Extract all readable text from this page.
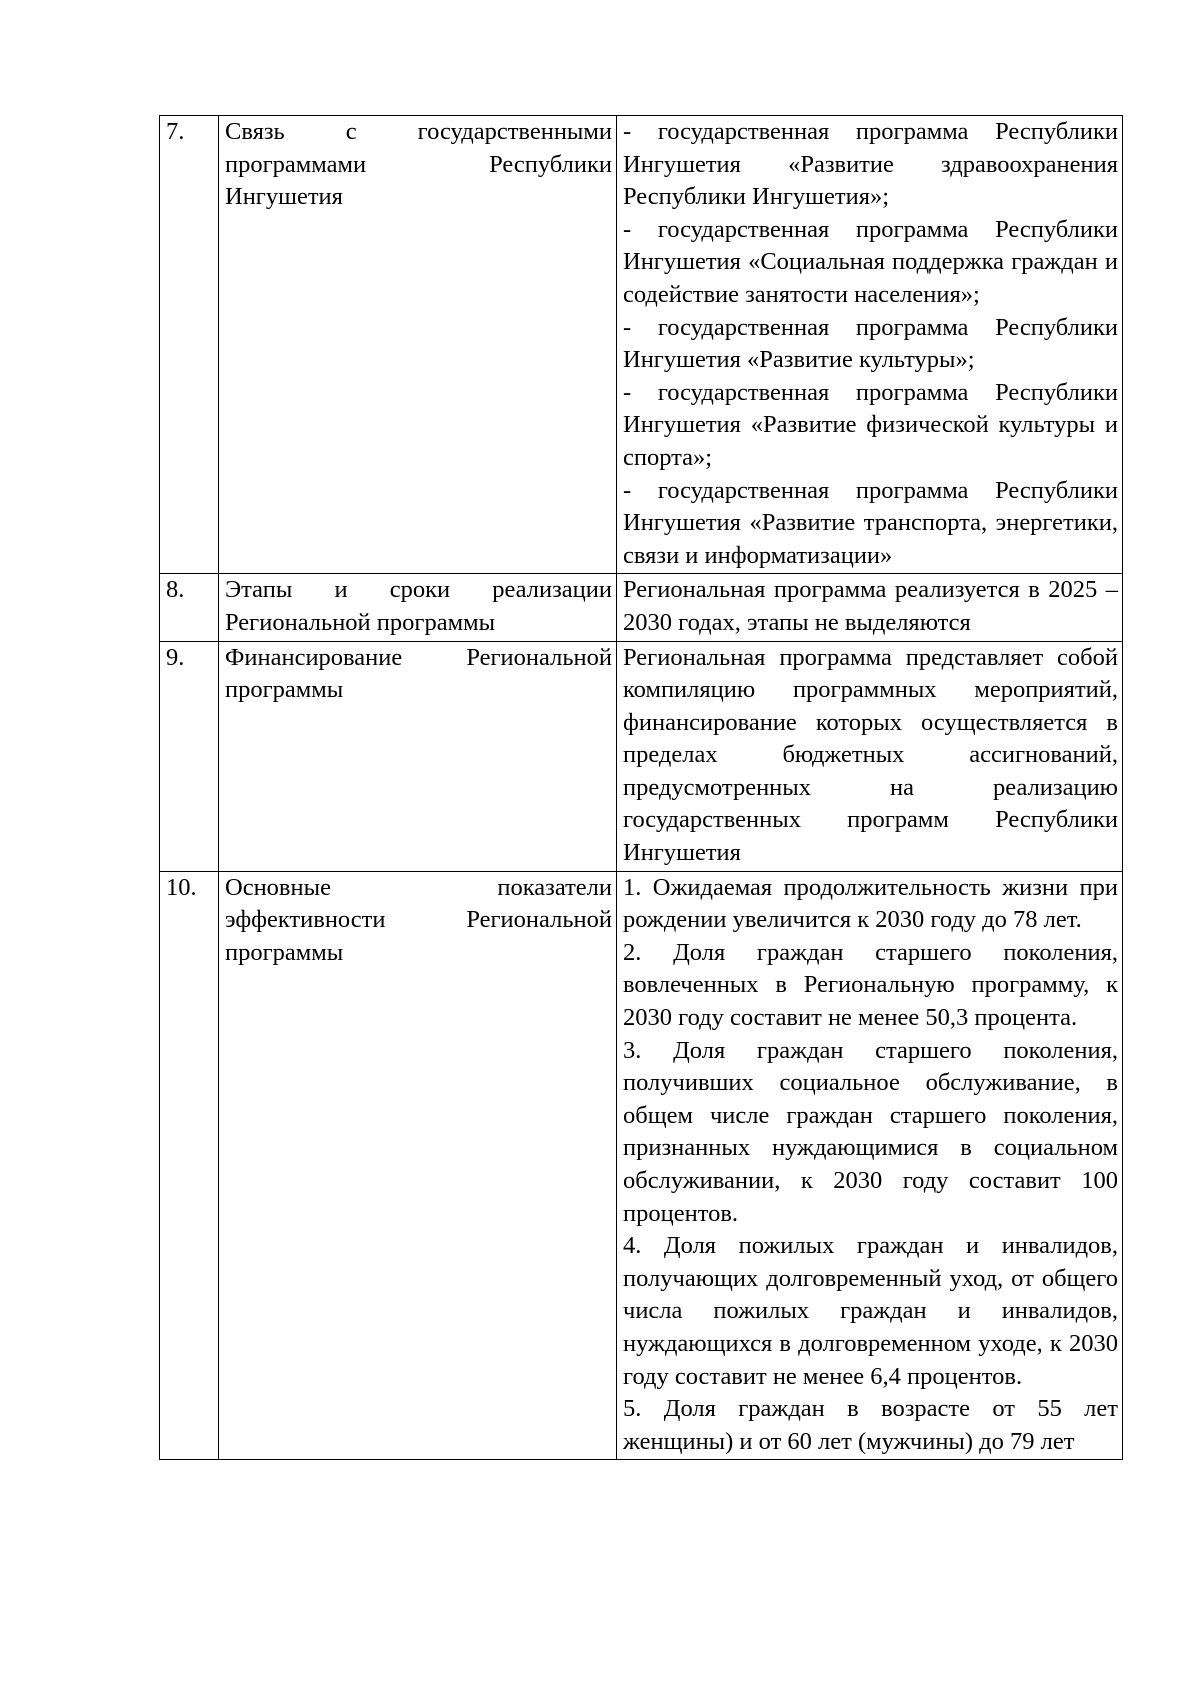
7.	Связь с государственными программами Республики Ингушетия	- государственная программа Республики Ингушетия «Развитие здравоохранения Республики Ингушетия»;
- государственная программа Республики Ингушетия «Социальная поддержка граждан и содействие занятости населения»;
- государственная программа Республики Ингушетия «Развитие культуры»;
- государственная программа Республики Ингушетия «Развитие физической культуры и спорта»;
- государственная программа Республики Ингушетия «Развитие транспорта, энергетики, связи и информатизации»

8.	Этапы и сроки реализации Региональной программы	Региональная программа реализуется в 2025 – 2030 годах, этапы не выделяются

9.	Финансирование Региональной программы	Региональная программа представляет собой компиляцию программных мероприятий, финансирование которых осуществляется в пределах бюджетных ассигнований, предусмотренных на реализацию государственных программ Республики Ингушетия

10.	Основные показатели эффективности Региональной программы	1. Ожидаемая продолжительность жизни при рождении увеличится к 2030 году до 78 лет.
2. Доля граждан старшего поколения, вовлеченных в Региональную программу, к 2030 году составит не менее 50,3 процента.
3. Доля граждан старшего поколения, получивших социальное обслуживание, в общем числе граждан старшего поколения, признанных нуждающимися в социальном обслуживании, к 2030 году составит 100 процентов.
4. Доля пожилых граждан и инвалидов, получающих долговременный уход, от общего числа пожилых граждан и инвалидов, нуждающихся в долговременном уходе, к 2030 году составит не менее 6,4 процентов.
5. Доля граждан в возрасте от 55 лет женщины) и от 60 лет (мужчины) до 79 лет
